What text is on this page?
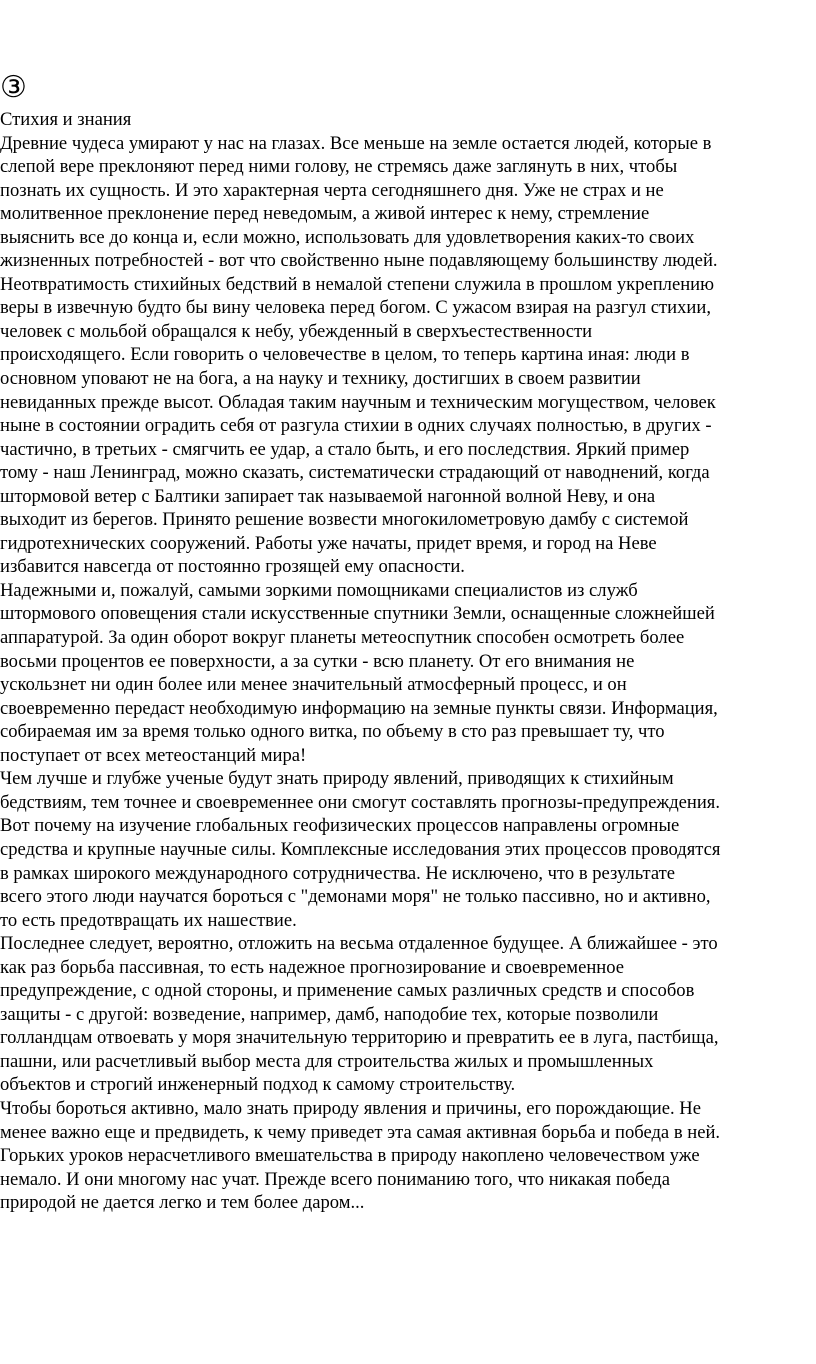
③
Стихия и знания
Древние чудеса умирают у нас на глазах. Все меньше на земле остается людей, которые в
слепой вере преклоняют перед ними голову, не стремясь даже заглянуть в них, чтобы
познать их сущность. И это характерная черта сегодняшнего дня. Уже не страх и не
молитвенное преклонение перед неведомым, а живой интерес к нему, стремление
выяснить все до конца и, если можно, использовать для удовлетворения каких-то своих
жизненных потребностей - вот что свойственно ныне подавляющему большинству людей.
Неотвратимость стихийных бедствий в немалой степени служила в прошлом укреплению
веры в извечную будто бы вину человека перед богом. С ужасом взирая на разгул стихии,
человек с мольбой обращался к небу, убежденный в сверхъестественности
происходящего. Если говорить о человечестве в целом, то теперь картина иная: люди в
основном уповают не на бога, а на науку и технику, достигших в своем развитии
невиданных прежде высот. Обладая таким научным и техническим могуществом, человек
ныне в состоянии оградить себя от разгула стихии в одних случаях полностью, в других -
частично, в третьих - смягчить ее удар, а стало быть, и его последствия. Яркий пример
тому - наш Ленинград, можно сказать, систематически страдающий от наводнений, когда
штормовой ветер с Балтики запирает так называемой нагонной волной Неву, и она
выходит из берегов. Принято решение возвести многокилометровую дамбу с системой
гидротехнических сооружений. Работы уже начаты, придет время, и город на Неве
избавится навсегда от постоянно грозящей ему опасности.
Надежными и, пожалуй, самыми зоркими помощниками специалистов из служб
штормового оповещения стали искусственные спутники Земли, оснащенные сложнейшей
аппаратурой. За один оборот вокруг планеты метеоспутник способен осмотреть более
восьми процентов ее поверхности, а за сутки - всю планету. От его внимания не
ускользнет ни один более или менее значительный атмосферный процесс, и он
своевременно передаст необходимую информацию на земные пункты связи. Информация,
собираемая им за время только одного витка, по объему в сто раз превышает ту, что
поступает от всех метеостанций мира!
Чем лучше и глубже ученые будут знать природу явлений, приводящих к стихийным
бедствиям, тем точнее и своевременнее они смогут составлять прогнозы-предупреждения.
Вот почему на изучение глобальных геофизических процессов направлены огромные
средства и крупные научные силы. Комплексные исследования этих процессов проводятся
в рамках широкого международного сотрудничества. Не исключено, что в результате
всего этого люди научатся бороться с "демонами моря" не только пассивно, но и активно,
то есть предотвращать их нашествие.
Последнее следует, вероятно, отложить на весьма отдаленное будущее. А ближайшее - это
как раз борьба пассивная, то есть надежное прогнозирование и своевременное
предупреждение, с одной стороны, и применение самых различных средств и способов
защиты - с другой: возведение, например, дамб, наподобие тех, которые позволили
голландцам отвоевать у моря значительную территорию и превратить ее в луга, пастбища,
пашни, или расчетливый выбор места для строительства жилых и промышленных
объектов и строгий инженерный подход к самому строительству.
Чтобы бороться активно, мало знать природу явления и причины, его порождающие. Не
менее важно еще и предвидеть, к чему приведет эта самая активная борьба и победа в ней.
Горьких уроков нерасчетливого вмешательства в природу накоплено человечеством уже
немало. И они многому нас учат. Прежде всего пониманию того, что никакая победа
природой не дается легко и тем более даром...
